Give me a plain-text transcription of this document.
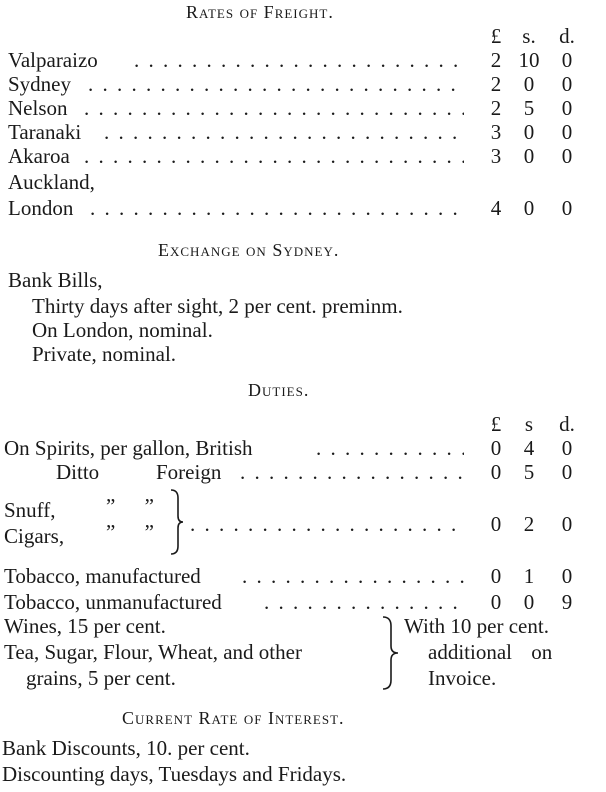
Rates of Freight.
£ s. d.
Valparaizo . . .	2 10 0
Sydney . . .	2 0 0
Nelson . . .	2 5 0
Taranaki . . .	3 0 0
Akaroa . . .	3 0 0
Auckland,
London . . .	4 0 0
Exchange on Sydney.
Bank Bills,
Thirty days after sight, 2 per cent. preminm.
On London, nominal.
Private, nominal.
Duties.
£	s	d.
On Spirits, per gallon, British . . .	0 4 0
Ditto	Foreign . . .	0 5 0
Snuff, ” ”
Cigars, ” ” . . .	0 2 0
Tobacco, manufactured . . .	0 1 0
Tobacco, unmanufactured . . .	0 0 9
Wines, 15 per cent.
Tea, Sugar, Flour, Wheat, and other
grains, 5 per cent.
With 10 per cent.
additional on
Invoice.
Current Rate of Interest.
Bank Discounts, 10. per cent.
Discounting days, Tuesdays and Fridays.
